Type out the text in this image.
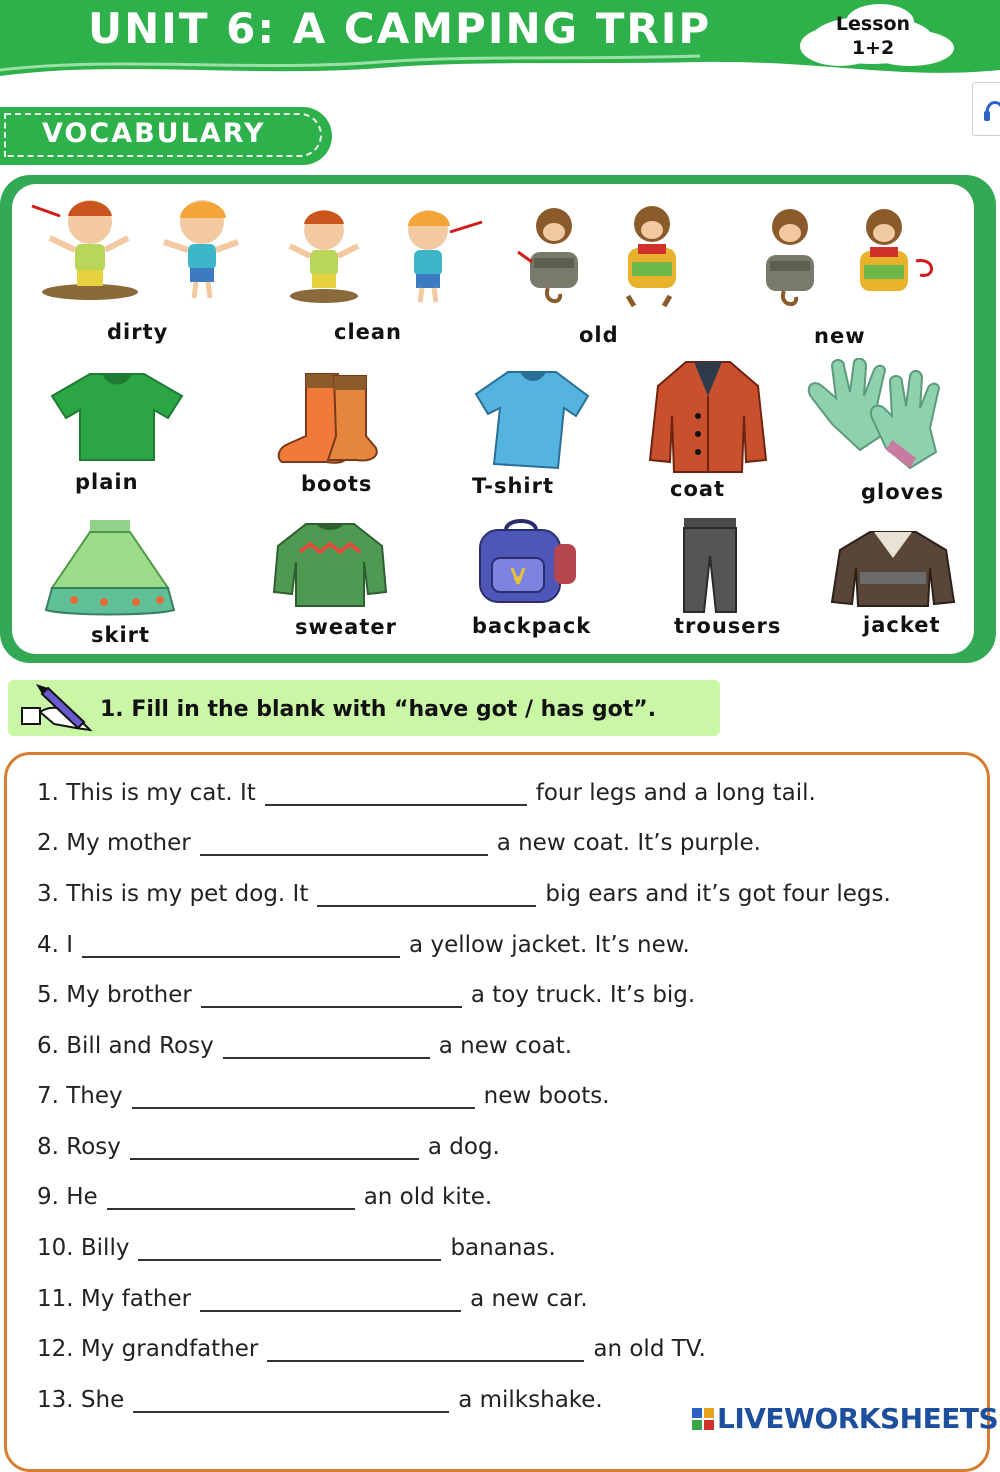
UNIT 6: A CAMPING TRIP	Lesson
1+2
VOCABULARY
dirty	clean	old	new
plain	boots	T-shirt	coat	gloves
skirt	sweater	backpack	trousers	jacket
1. Fill in the blank with “have got / has got”.
1. This is my cat. It	four legs and a long tail.
2. My mother	a new coat. It’s purple.
3. This is my pet dog. It	big ears and it’s got four legs.
4. I	a yellow jacket. It’s new.
5. My brother	a toy truck. It’s big.
6. Bill and Rosy	a new coat.
7. They	new boots.
8. Rosy	a dog.
9. He	an old kite.
10. Billy	bananas.
11. My father	a new car.
12. My grandfather	an old TV.
13. She	a milkshake.
LIVEWORKSHEETS
